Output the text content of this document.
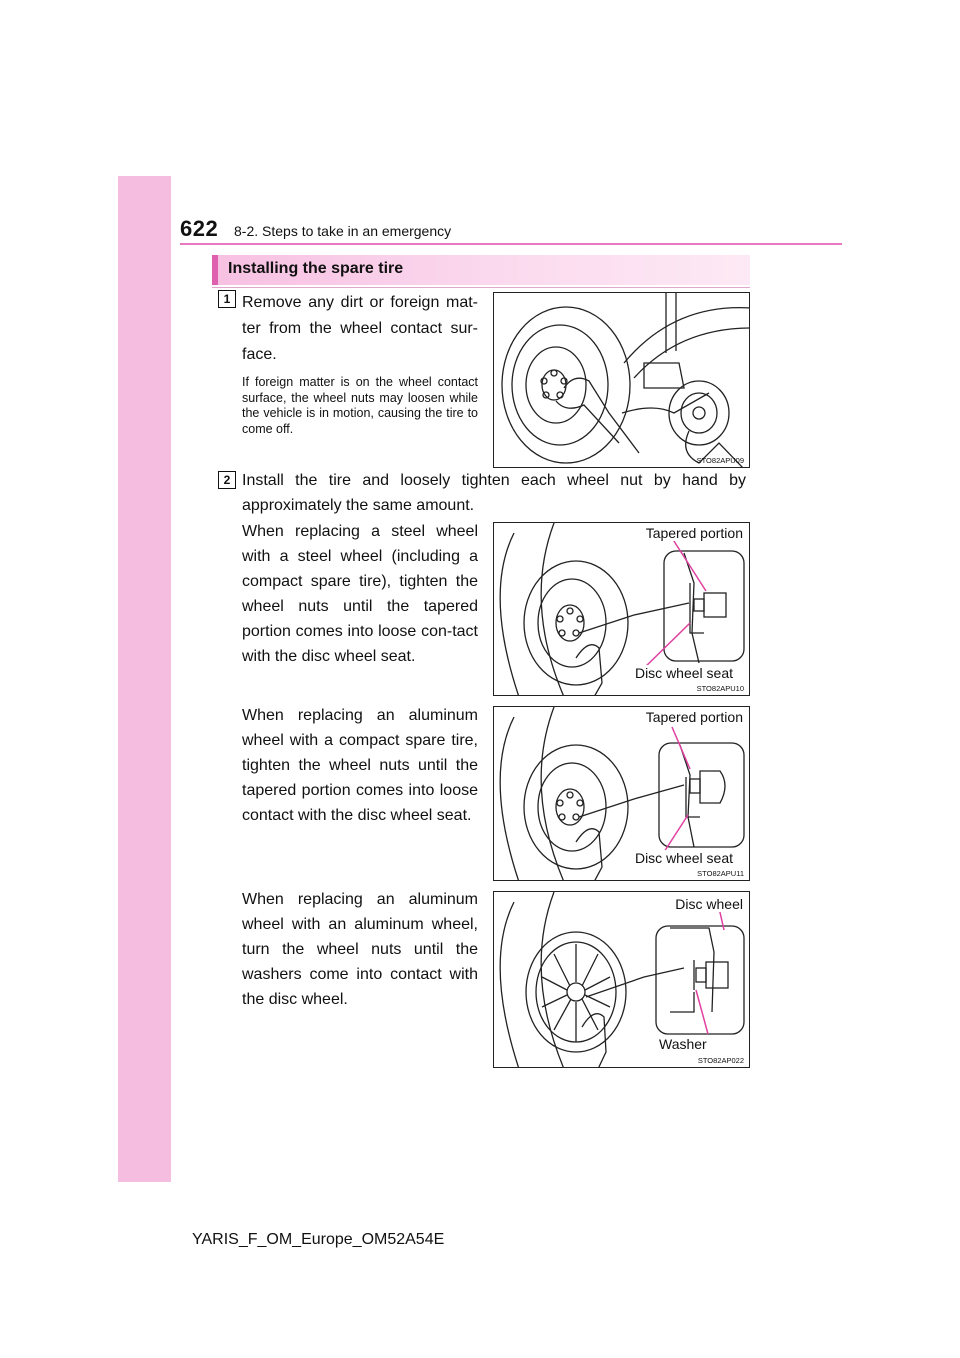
622 8-2. Steps to take in an emergency
Installing the spare tire
1 Remove any dirt or foreign mat-ter from the wheel contact sur-face.
If foreign matter is on the wheel contact surface, the wheel nuts may loosen while the vehicle is in motion, causing the tire to come off.
STO82APU09
2 Install the tire and loosely tighten each wheel nut by hand by approximately the same amount.
When replacing a steel wheel with a steel wheel (including a compact spare tire), tighten the wheel nuts until the tapered portion comes into loose con-tact with the disc wheel seat.
Tapered portion
Disc wheel seat
STO82APU10
When replacing an aluminum wheel with a compact spare tire, tighten the wheel nuts until the tapered portion comes into loose contact with the disc wheel seat.
Tapered portion
Disc wheel seat
STO82APU11
When replacing an aluminum wheel with an aluminum wheel, turn the wheel nuts until the washers come into contact with the disc wheel.
Disc wheel
Washer
STO82AP022
YARIS_F_OM_Europe_OM52A54E
